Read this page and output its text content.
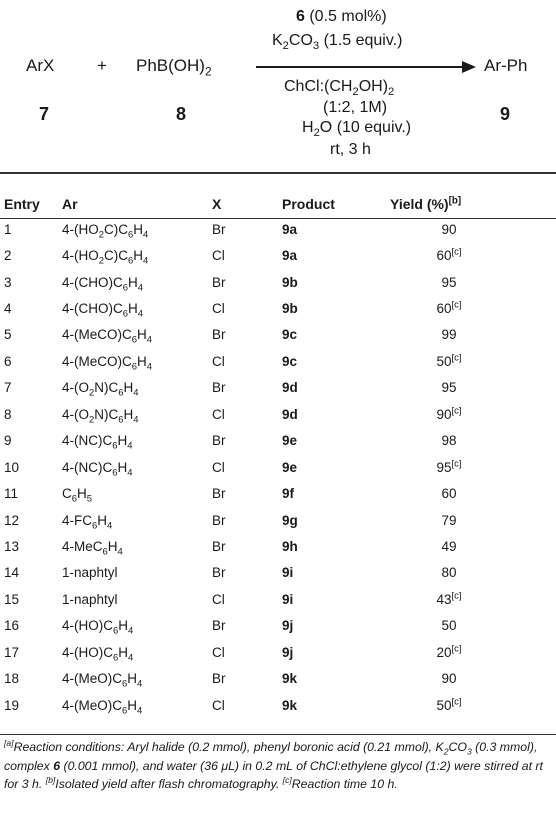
ArX
7
+ $PhB(OH)_2$
8
6 (0.5 mol%)
$K_2CO_3$ (1.5 equiv.)
$ChCl:(CH_2OH)_2$
(1:2, 1M)
$H_2O$ (10 equiv.)
rt, 3 h
Ar-Ph
9
Entry	Ar	X	Product	Yield (%)[b]
1	$4-(HO_2C)C_6H_4$	Br	9a	90
2	$4-(HO_2C)C_6H_4$	Cl	9a	60[c]
3	$4-(CHO)C_6H_4$	Br	9b	95
4	$4-(CHO)C_6H_4$	Cl	9b	60[c]
5	$4-(MeCO)C_6H_4$	Br	9c	99
6	$4-(MeCO)C_6H_4$	Cl	9c	50[c]
7	$4-(O_2N)C_6H_4$	Br	9d	95
8	$4-(O_2N)C_6H_4$	Cl	9d	90[c]
9	$4-(NC)C_6H_4$	Br	9e	98
10	$4-(NC)C_6H_4$	Cl	9e	95[c]
11	$C_6H_5$	Br	9f	60
12	$4-FC_6H_4$	Br	9g	79
13	$4-MeC_6H_4$	Br	9h	49
14	1-naphtyl	Br	9i	80
15	1-naphtyl	Cl	9i	43[c]
16	$4-(HO)C_6H_4$	Br	9j	50
17	$4-(HO)C_6H_4$	Cl	9j	20[c]
18	$4-(MeO)C_6H_4$	Br	9k	90
19	$4-(MeO)C_6H_4$	Cl	9k	50[c]
[a]Reaction conditions: Aryl halide (0.2 mmol), phenyl boronic acid (0.21 mmol), $K_2CO_3$ (0.3 mmol), complex 6 (0.001 mmol), and water (36 μL) in 0.2 mL of ChCl:ethylene glycol (1:2) were stirred at rt for 3 h. [b]Isolated yield after flash chromatography. [c]Reaction time 10 h.
